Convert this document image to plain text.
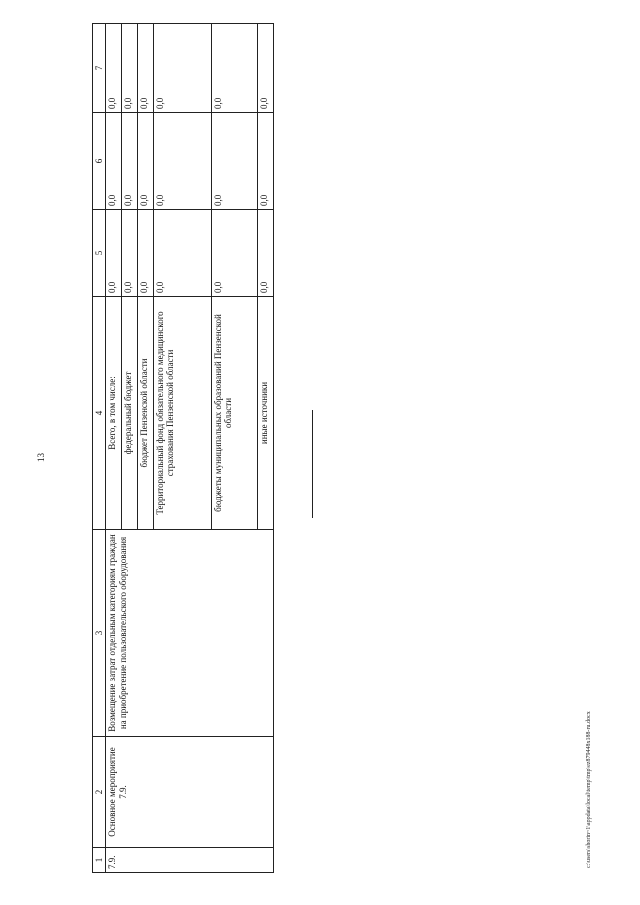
13
c:\users\shorin~1\appdata\local\temp\tmp\ez879448x188-ru.docx
1	2	3	4	5	6	7
7.9.	Основное мероприятие 7.9.	Возмещение затрат отдельным категориям граждан на приобретение пользовательского оборудования	Всего, в том числе:	0,0	0,0	0,0
			федеральный бюджет	0,0	0,0	0,0
			бюджет Пензенской области	0,0	0,0	0,0
			Территориальный фонд обязательного медицинского страхования Пензенской области	0,0	0,0	0,0
			бюджеты муниципальных образований Пензенской области	0,0	0,0	0,0
			иные источники	0,0	0,0	0,0
